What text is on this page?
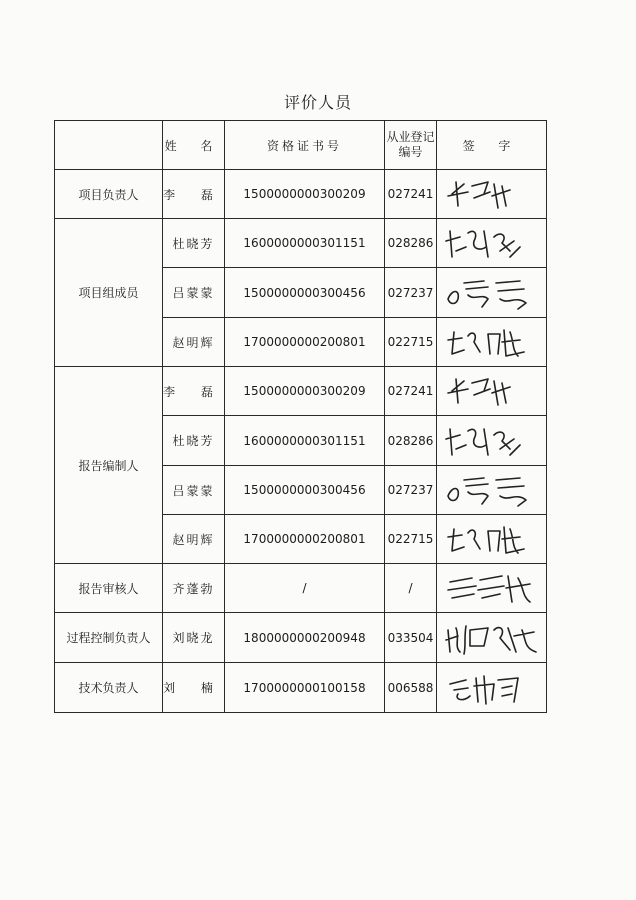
评价人员
	姓 名	资格证书号	从业登记编号	签 字
项目负责人	李 磊	1500000000300209	027241	

项目组成员	杜晓芳	1600000000301151	028286	

	吕蒙蒙	1500000000300456	027237	

	赵明辉	1700000000200801	022715	

报告编制人	李 磊	1500000000300209	027241	

	杜晓芳	1600000000301151	028286	

	吕蒙蒙	1500000000300456	027237	

	赵明辉	1700000000200801	022715	

报告审核人	齐蓬勃	/	/	

过程控制负责人	刘晓龙	1800000000200948	033504	

技术负责人	刘 楠	1700000000100158	006588	
